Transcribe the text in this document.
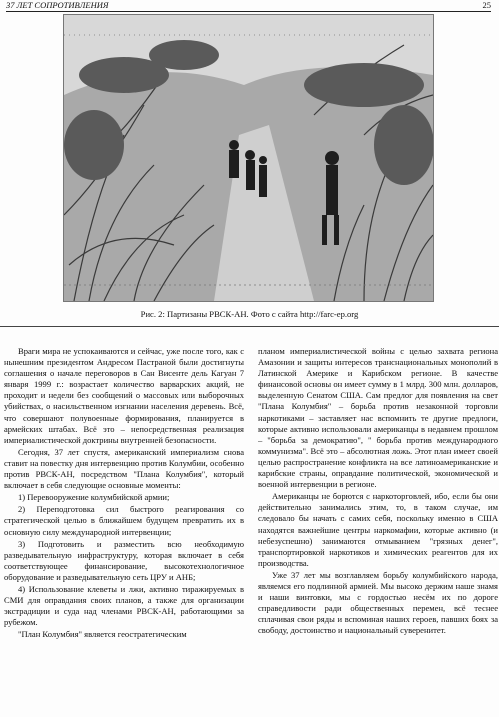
37 ЛЕТ СОПРОТИВЛЕНИЯ	25
Рис. 2: Партизаны РВСК-АН. Фото с сайта http://farc-ep.org

Враги мира не успокаиваются и сейчас, уже после того, как с нынешним президентом Андресом Пастраной были достигнуты соглашения о начале переговоров в Сан Висенте дель Кагуан 7 января 1999 г.: возрастает количество варварских акций, не проходит и недели без сообщений о массовых или выборочных убийствах, о насильственном изгнании населения деревень. Всё, что совершают полувоенные формирования, планируется в армейских штабах. Всё это – непосредственная реализация империалистической доктрины внутренней безопасности.

Сегодня, 37 лет спустя, американский империализм снова ставит на повестку дня интервенцию против Колумбии, особенно против РВСК-АН, посредством "Плана Колумбия", который включает в себя следующие основные моменты:

1) Перевооружение колумбийской армии;

2) Переподготовка сил быстрого реагирования со стратегической целью в ближайшем будущем превратить их в основную силу международной интервенции;

3) Подготовить и разместить всю необходимую разведывательную инфраструктуру, которая включает в себя соответствующее финансирование, высокотехнологичное оборудование и разведывательную сеть ЦРУ и АНБ;

4) Использование клеветы и лжи, активно тиражируемых в СМИ для оправдания своих планов, а также для организации экстрадиции и суда над членами РВСК-АН, работающими за рубежом.

"План Колумбия" является геостратегическим

планом империалистической войны с целью захвата региона Амазонии и защиты интересов транснациональных монополий в Латинской Америке и Карибском регионе. В качестве финансовой основы он имеет сумму в 1 млрд. 300 млн. долларов, выделенную Сенатом США. Сам предлог для появления на свет "Плана Колумбия" – борьба против незаконной торговли наркотиками – заставляет нас вспомнить те другие предлоги, которые активно использовали американцы в недавнем прошлом – "борьба за демократию", " борьба против международного коммунизма". Всё это – абсолютная ложь. Этот план имеет своей целью распространение конфликта на все латиноамериканские и карибские страны, оправдание политической, экономической и военной интервенции в регионе.

Американцы не борются с наркоторговлей, ибо, если бы они действительно занимались этим, то, в таком случае, им следовало бы начать с самих себя, поскольку именно в США находятся важнейшие центры наркомафии, которые активно (и небезуспешно) занимаются отмыванием "грязных денег", транспортировкой наркотиков и химических реагентов для их производства.

Уже 37 лет мы возглавляем борьбу колумбийского народа, являемся его подлинной армией. Мы высоко держим наше знамя и наши винтовки, мы с гордостью несём их по дороге справедливости ради общественных перемен, всё теснее сплачивая свои ряды и вспоминая наших героев, павших боях за свободу, достоинство и национальный суверенитет.
